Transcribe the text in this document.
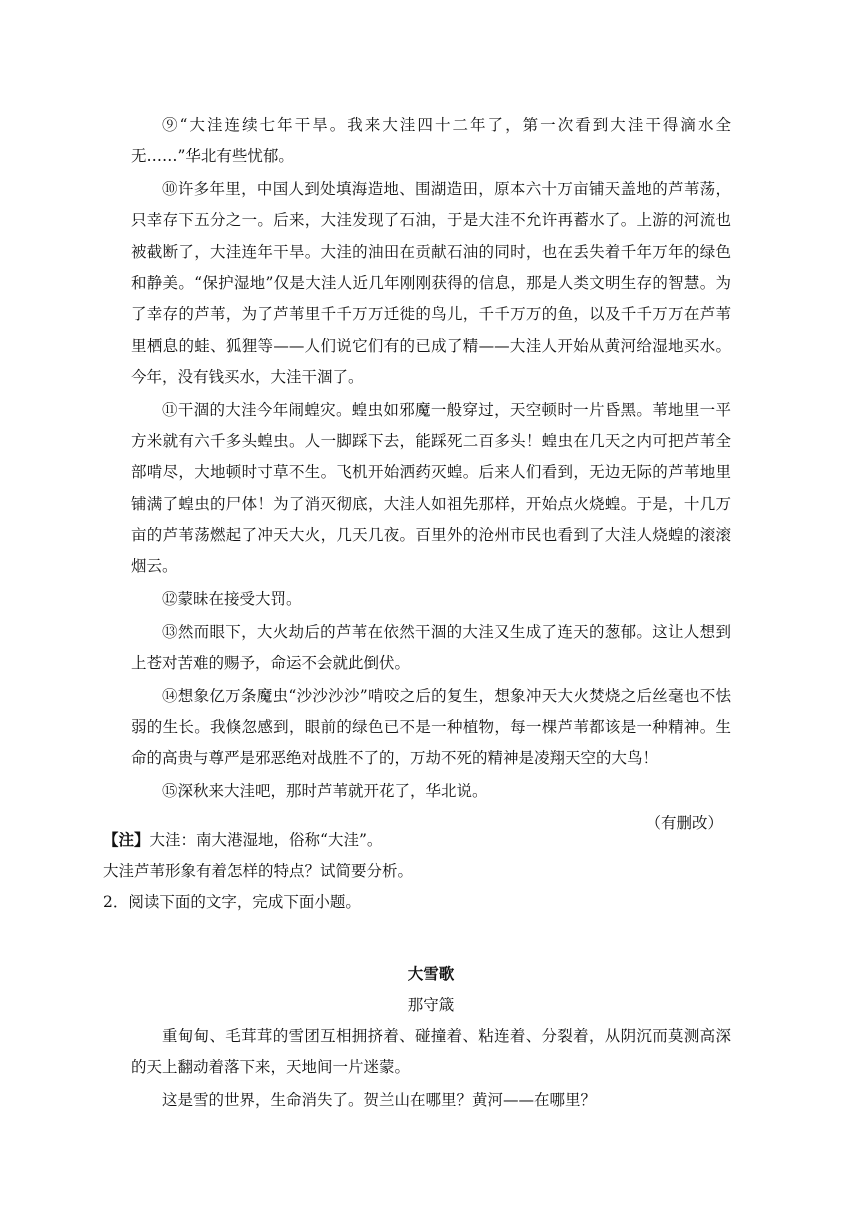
⑨“大洼连续七年干旱。我来大洼四十二年了，第一次看到大洼干得滴水全无……”华北有些忧郁。

⑩许多年里，中国人到处填海造地、围湖造田，原本六十万亩铺天盖地的芦苇荡，只幸存下五分之一。后来，大洼发现了石油，于是大洼不允许再蓄水了。上游的河流也被截断了，大洼连年干旱。大洼的油田在贡献石油的同时，也在丢失着千年万年的绿色和静美。“保护湿地”仅是大洼人近几年刚刚获得的信息，那是人类文明生存的智慧。为了幸存的芦苇，为了芦苇里千千万万迁徙的鸟儿，千千万万的鱼，以及千千万万在芦苇里栖息的蛙、狐狸等——人们说它们有的已成了精——大洼人开始从黄河给湿地买水。今年，没有钱买水，大洼干涸了。

⑪干涸的大洼今年闹蝗灾。蝗虫如邪魔一般穿过，天空顿时一片昏黑。苇地里一平方米就有六千多头蝗虫。人一脚踩下去，能踩死二百多头！蝗虫在几天之内可把芦苇全部啃尽，大地顿时寸草不生。飞机开始洒药灭蝗。后来人们看到，无边无际的芦苇地里铺满了蝗虫的尸体！为了消灭彻底，大洼人如祖先那样，开始点火烧蝗。于是，十几万亩的芦苇荡燃起了冲天大火，几天几夜。百里外的沧州市民也看到了大洼人烧蝗的滚滚烟云。

⑫蒙昧在接受大罚。

⑬然而眼下，大火劫后的芦苇在依然干涸的大洼又生成了连天的葱郁。这让人想到上苍对苦难的赐予，命运不会就此倒伏。

⑭想象亿万条魔虫“沙沙沙沙”啃咬之后的复生，想象冲天大火焚烧之后丝毫也不怯弱的生长。我倏忽感到，眼前的绿色已不是一种植物，每一棵芦苇都该是一种精神。生命的高贵与尊严是邪恶绝对战胜不了的，万劫不死的精神是凌翔天空的大鸟！

⑮深秋来大洼吧，那时芦苇就开花了，华北说。

（有删改）

【注】大洼：南大港湿地，俗称“大洼”。

大洼芦苇形象有着怎样的特点？试简要分析。

2．阅读下面的文字，完成下面小题。

大雪歌

那守箴

重甸甸、毛茸茸的雪团互相拥挤着、碰撞着、粘连着、分裂着，从阴沉而莫测高深的天上翻动着落下来，天地间一片迷蒙。

这是雪的世界，生命消失了。贺兰山在哪里？黄河——在哪里？
